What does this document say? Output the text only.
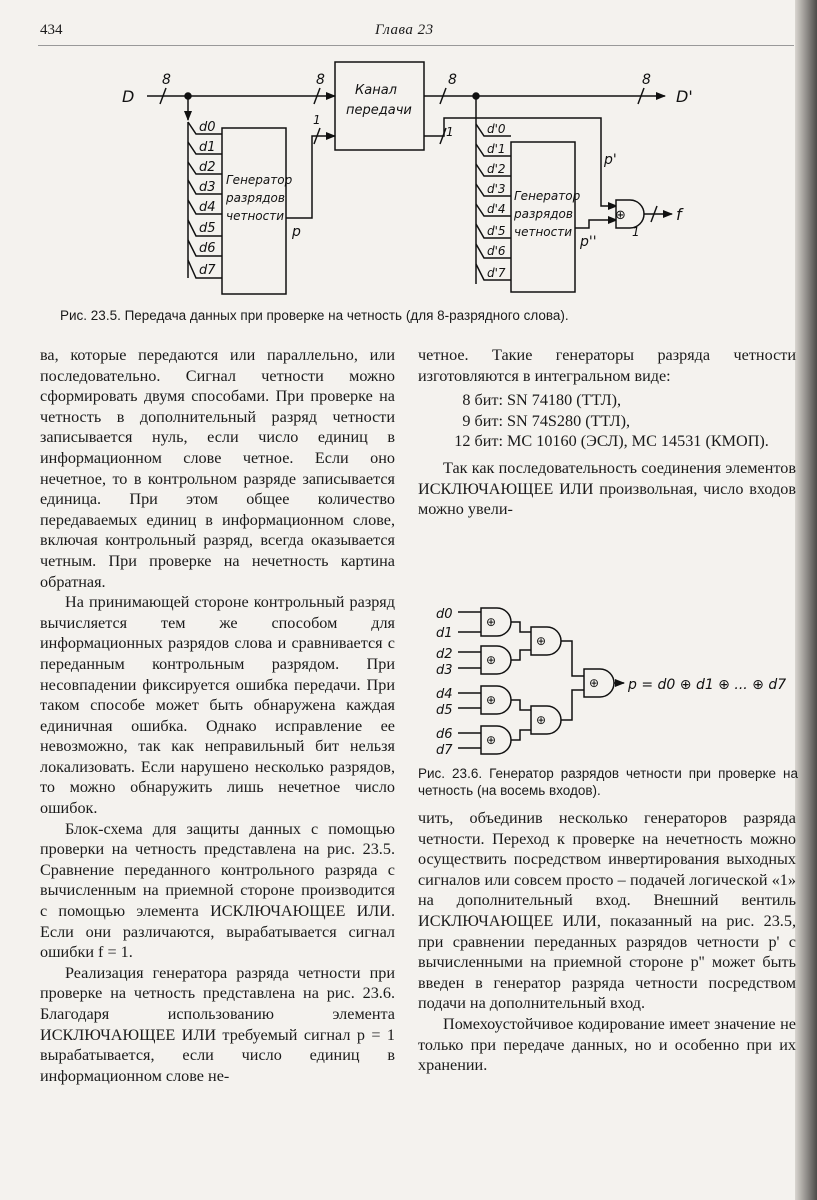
434	Глава 23
D
8	8	8	8
D'
Канал
передачи
1
1
1
f
p
p'
p''
⊕
Генератор
разрядов
четности
Генератор
разрядов
четности
d0
d1
d2
d3
d4
d5
d6
d7
d'0
d'1
d'2
d'3
d'4
d'5
d'6
d'7
⊕
⊕
⊕
⊕
⊕
⊕
⊕
d0
d1
d2
d3
d4
d5
d6
d7
p = d0 ⊕ d1 ⊕ ... ⊕ d7
Рис. 23.5. Передача данных при проверке на четность (для 8-разрядного слова).
Рис. 23.6. Генератор разрядов четности при проверке на четность (на восемь входов).

ва, которые передаются или параллельно, или последовательно. Сигнал четности можно сформировать двумя способами. При проверке на четность в дополнительный разряд четности записывается нуль, если число единиц в информационном слове четное. Если оно нечетное, то в контрольном разряде записывается единица. При этом общее количество передаваемых единиц в информационном слове, включая контрольный разряд, всегда оказывается четным. При проверке на нечетность картина обратная.

На принимающей стороне контрольный разряд вычисляется тем же способом для информационных разрядов слова и сравнивается с переданным контрольным разрядом. При несовпадении фиксируется ошибка передачи. При таком способе может быть обнаружена каждая единичная ошибка. Однако исправление ее невозможно, так как неправильный бит нельзя локализовать. Если нарушено несколько разрядов, то можно обнаружить лишь нечетное число ошибок.

Блок-схема для защиты данных с помощью проверки на четность представлена на рис. 23.5. Сравнение переданного контрольного разряда с вычисленным на приемной стороне производится с помощью элемента ИСКЛЮЧАЮЩЕЕ ИЛИ. Если они различаются, вырабатывается сигнал ошибки f = 1.

Реализация генератора разряда четности при проверке на четность представлена на рис. 23.6. Благодаря использованию элемента ИСКЛЮЧАЮЩЕЕ ИЛИ требуемый сигнал p = 1 вырабатывается, если число единиц в информационном слове не-

четное. Такие генераторы разряда четности изготовляются в интегральном виде:

8 бит: SN 74180 (ТТЛ),
9 бит: SN 74S280 (ТТЛ),
12 бит: MC 10160 (ЭСЛ), MC 14531 (КМОП).

Так как последовательность соединения элементов ИСКЛЮЧАЮЩЕЕ ИЛИ произвольная, число входов можно увели-

чить, объединив несколько генераторов разряда четности. Переход к проверке на нечетность можно осуществить посредством инвертирования выходных сигналов или совсем просто – подачей логической «1» на дополнительный вход. Внешний вентиль ИСКЛЮЧАЮЩЕЕ ИЛИ, показанный на рис. 23.5, при сравнении переданных разрядов четности p' с вычисленными на приемной стороне p'' может быть введен в генератор разряда четности посредством подачи на дополнительный вход.

Помехоустойчивое кодирование имеет значение не только при передаче данных, но и особенно при их хранении.
